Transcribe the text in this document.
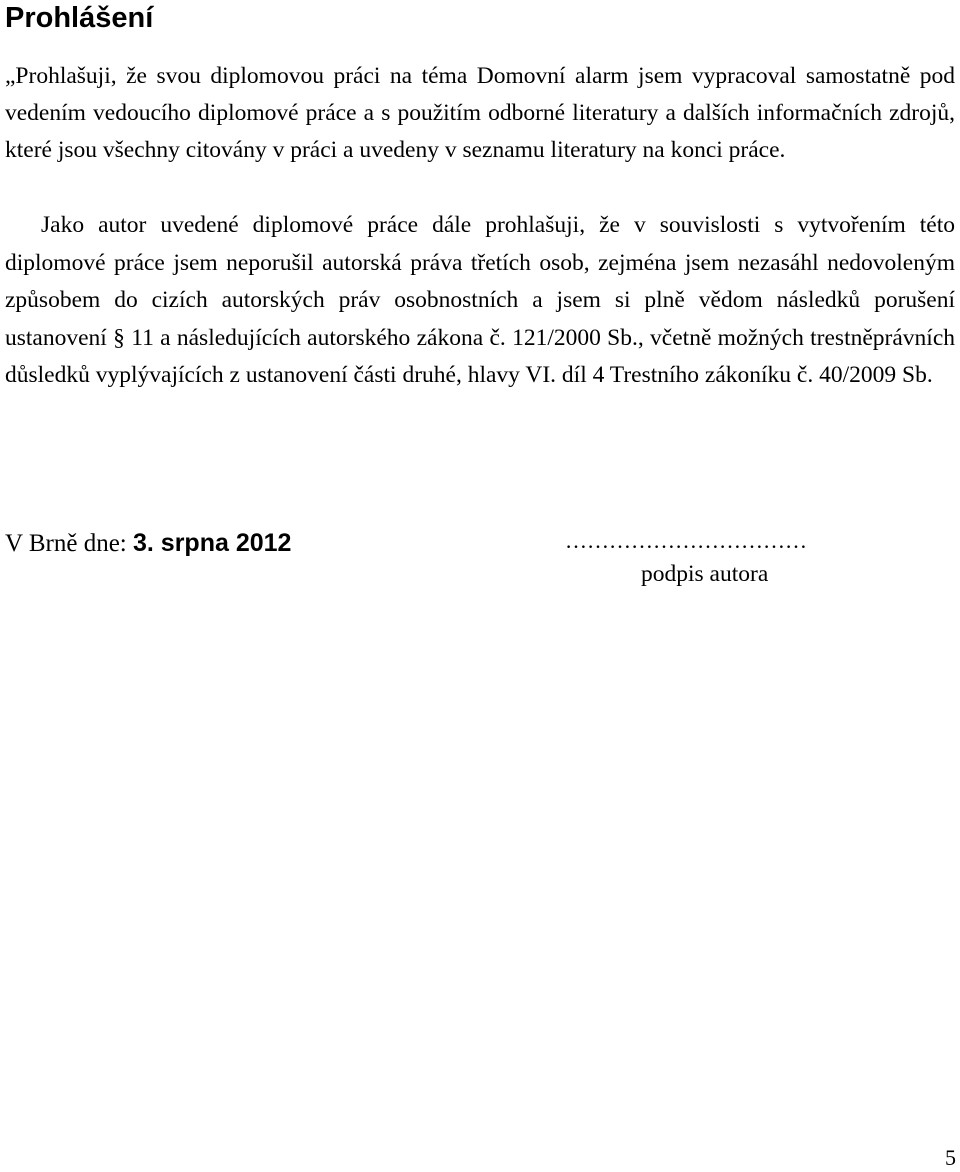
Prohlášení

„Prohlašuji, že svou diplomovou práci na téma Domovní alarm jsem vypracoval samostatně pod vedením vedoucího diplomové práce a s použitím odborné literatury a dalších informačních zdrojů, které jsou všechny citovány v práci a uvedeny v seznamu literatury na konci práce.

Jako autor uvedené diplomové práce dále prohlašuji, že v souvislosti s vytvořením této diplomové práce jsem neporušil autorská práva třetích osob, zejména jsem nezasáhl nedovoleným způsobem do cizích autorských práv osobnostních a jsem si plně vědom následků porušení ustanovení § 11 a následujících autorského zákona č. 121/2000 Sb., včetně možných trestněprávních důsledků vyplývajících z ustanovení části druhé, hlavy VI. díl 4 Trestního zákoníku č. 40/2009 Sb.

V Brně dne: 3. srpna 2012	……………………………
podpis autora
5
